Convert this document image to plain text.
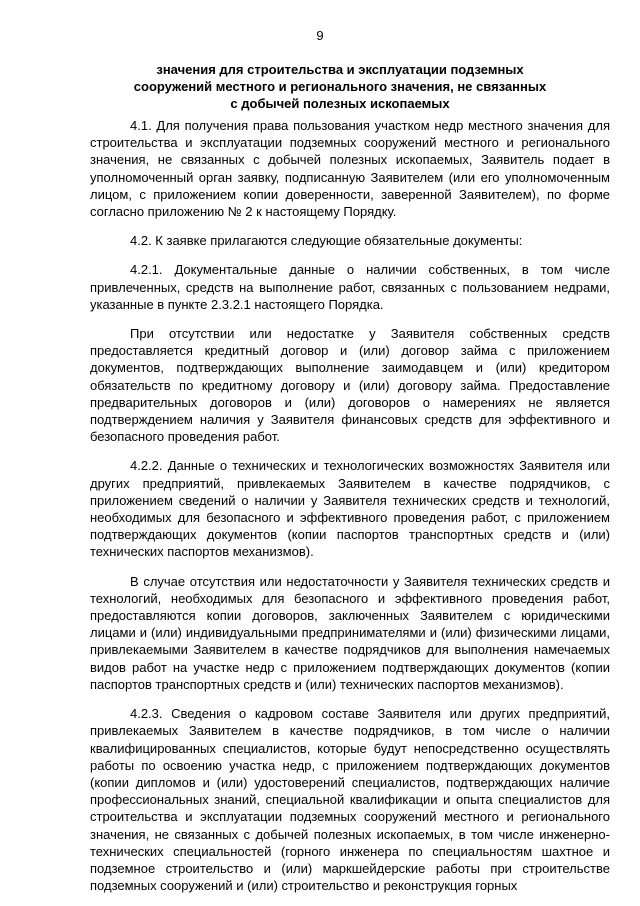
9
значения для строительства и эксплуатации подземных
сооружений местного и регионального значения, не связанных
с добычей полезных ископаемых

4.1. Для получения права пользования участком недр местного значения для строительства и эксплуатации подземных сооружений местного и регионального значения, не связанных с добычей полезных ископаемых, Заявитель подает в уполномоченный орган заявку, подписанную Заявителем (или его уполномоченным лицом, с приложением копии доверенности, заверенной Заявителем), по форме согласно приложению № 2 к настоящему Порядку.

4.2. К заявке прилагаются следующие обязательные документы:

4.2.1. Документальные данные о наличии собственных, в том числе привлеченных, средств на выполнение работ, связанных с пользованием недрами, указанные в пункте 2.3.2.1 настоящего Порядка.

При отсутствии или недостатке у Заявителя собственных средств предоставляется кредитный договор и (или) договор займа с приложением документов, подтверждающих выполнение заимодавцем и (или) кредитором обязательств по кредитному договору и (или) договору займа. Предоставление предварительных договоров и (или) договоров о намерениях не является подтверждением наличия у Заявителя финансовых средств для эффективного и безопасного проведения работ.

4.2.2. Данные о технических и технологических возможностях Заявителя или других предприятий, привлекаемых Заявителем в качестве подрядчиков, с приложением сведений о наличии у Заявителя технических средств и технологий, необходимых для безопасного и эффективного проведения работ, с приложением подтверждающих документов (копии паспортов транспортных средств и (или) технических паспортов механизмов).

В случае отсутствия или недостаточности у Заявителя технических средств и технологий, необходимых для безопасного и эффективного проведения работ, предоставляются копии договоров, заключенных Заявителем с юридическими лицами и (или) индивидуальными предпринимателями и (или) физическими лицами, привлекаемыми Заявителем в качестве подрядчиков для выполнения намечаемых видов работ на участке недр с приложением подтверждающих документов (копии паспортов транспортных средств и (или) технических паспортов механизмов).

4.2.3. Сведения о кадровом составе Заявителя или других предприятий, привлекаемых Заявителем в качестве подрядчиков, в том числе о наличии квалифицированных специалистов, которые будут непосредственно осуществлять работы по освоению участка недр, с приложением подтверждающих документов (копии дипломов и (или) удостоверений специалистов, подтверждающих наличие профессиональных знаний, специальной квалификации и опыта специалистов для строительства и эксплуатации подземных сооружений местного и регионального значения, не связанных с добычей полезных ископаемых, в том числе инженерно-технических специальностей (горного инженера по специальностям шахтное и подземное строительство и (или) маркшейдерские работы при строительстве подземных сооружений и (или) строительство и реконструкция горных
